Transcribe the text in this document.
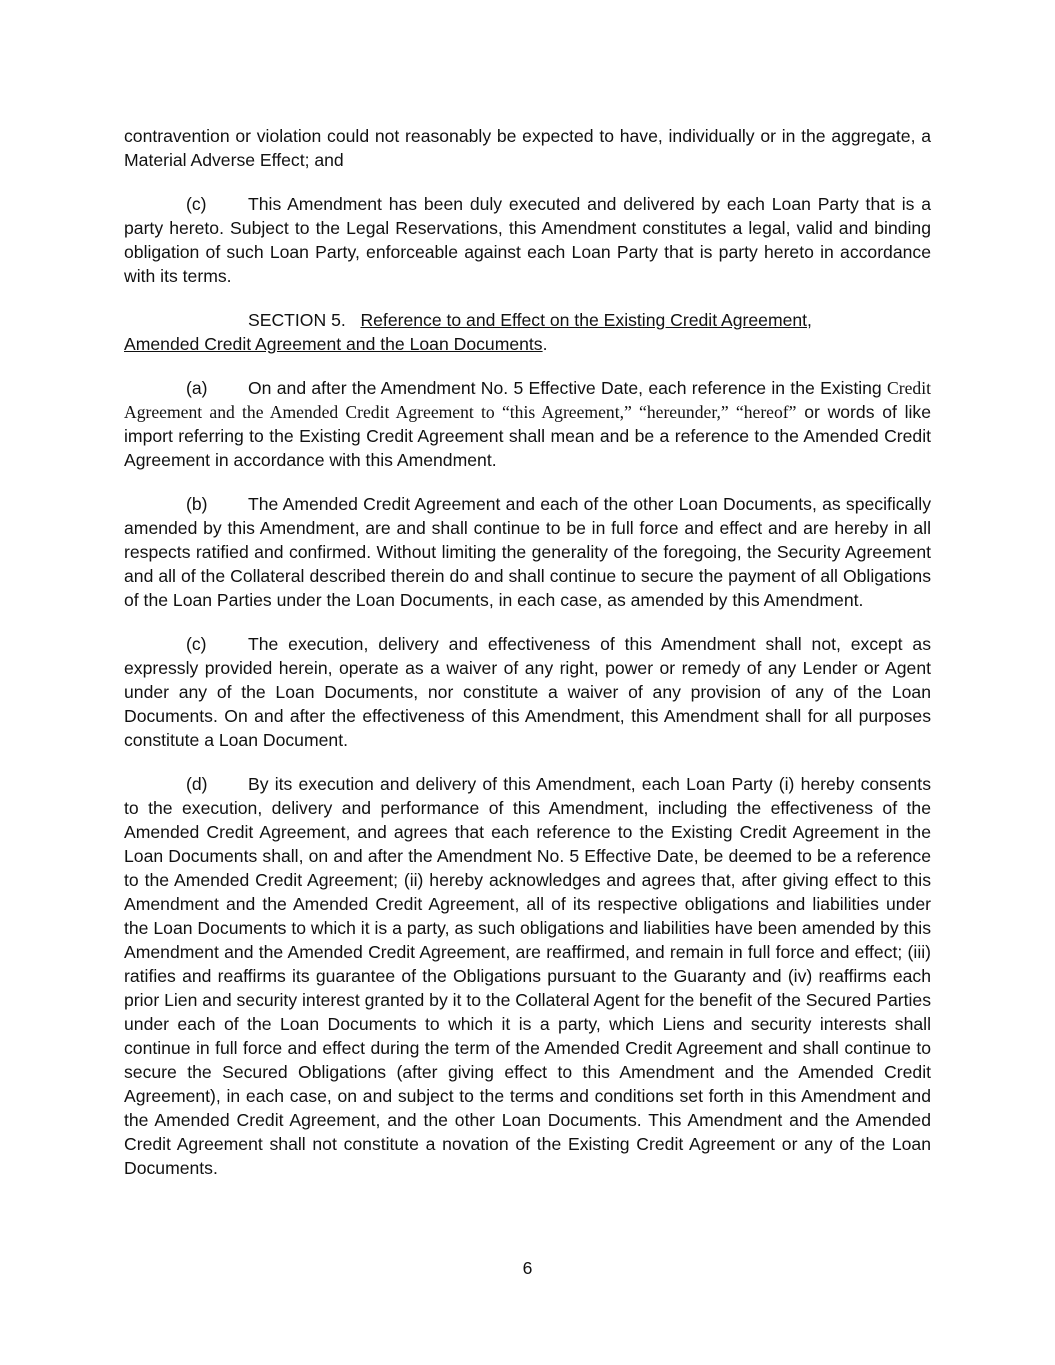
contravention or violation could not reasonably be expected to have, individually or in the aggregate, a Material Adverse Effect; and

(c) This Amendment has been duly executed and delivered by each Loan Party that is a party hereto. Subject to the Legal Reservations, this Amendment constitutes a legal, valid and binding obligation of such Loan Party, enforceable against each Loan Party that is party hereto in accordance with its terms.

SECTION 5. Reference to and Effect on the Existing Credit Agreement,
Amended Credit Agreement and the Loan Documents.

(a) On and after the Amendment No. 5 Effective Date, each reference in the Existing Credit Agreement and the Amended Credit Agreement to “this Agreement,” “hereunder,” “hereof” or words of like import referring to the Existing Credit Agreement shall mean and be a reference to the Amended Credit Agreement in accordance with this Amendment.

(b) The Amended Credit Agreement and each of the other Loan Documents, as specifically amended by this Amendment, are and shall continue to be in full force and effect and are hereby in all respects ratified and confirmed. Without limiting the generality of the foregoing, the Security Agreement and all of the Collateral described therein do and shall continue to secure the payment of all Obligations of the Loan Parties under the Loan Documents, in each case, as amended by this Amendment.

(c) The execution, delivery and effectiveness of this Amendment shall not, except as expressly provided herein, operate as a waiver of any right, power or remedy of any Lender or Agent under any of the Loan Documents, nor constitute a waiver of any provision of any of the Loan Documents. On and after the effectiveness of this Amendment, this Amendment shall for all purposes constitute a Loan Document.

(d) By its execution and delivery of this Amendment, each Loan Party (i) hereby consents to the execution, delivery and performance of this Amendment, including the effectiveness of the Amended Credit Agreement, and agrees that each reference to the Existing Credit Agreement in the Loan Documents shall, on and after the Amendment No. 5 Effective Date, be deemed to be a reference to the Amended Credit Agreement; (ii) hereby acknowledges and agrees that, after giving effect to this Amendment and the Amended Credit Agreement, all of its respective obligations and liabilities under the Loan Documents to which it is a party, as such obligations and liabilities have been amended by this Amendment and the Amended Credit Agreement, are reaffirmed, and remain in full force and effect; (iii) ratifies and reaffirms its guarantee of the Obligations pursuant to the Guaranty and (iv) reaffirms each prior Lien and security interest granted by it to the Collateral Agent for the benefit of the Secured Parties under each of the Loan Documents to which it is a party, which Liens and security interests shall continue in full force and effect during the term of the Amended Credit Agreement and shall continue to secure the Secured Obligations (after giving effect to this Amendment and the Amended Credit Agreement), in each case, on and subject to the terms and conditions set forth in this Amendment and the Amended Credit Agreement, and the other Loan Documents. This Amendment and the Amended Credit Agreement shall not constitute a novation of the Existing Credit Agreement or any of the Loan Documents.

6
